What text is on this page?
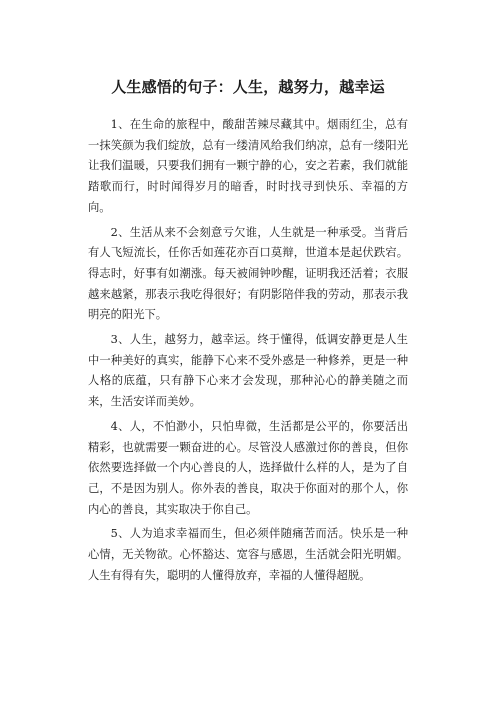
人生感悟的句子：人生，越努力，越幸运

1、在生命的旅程中，酸甜苦辣尽藏其中。烟雨红尘，总有一抹笑颜为我们绽放，总有一缕清风给我们纳凉，总有一缕阳光让我们温暖，只要我们拥有一颗宁静的心，安之若素，我们就能踏歌而行，时时闻得岁月的暗香，时时找寻到快乐、幸福的方向。

2、生活从来不会刻意亏欠谁，人生就是一种承受。当背后有人飞短流长，任你舌如莲花亦百口莫辩，世道本是起伏跌宕。得志时，好事有如潮涨。每天被闹钟吵醒，证明我还活着；衣服越来越紧，那表示我吃得很好；有阴影陪伴我的劳动，那表示我明亮的阳光下。

3、人生，越努力，越幸运。终于懂得，低调安静更是人生中一种美好的真实，能静下心来不受外惑是一种修养，更是一种人格的底蕴，只有静下心来才会发现，那种沁心的静美随之而来，生活安详而美妙。

4、人，不怕渺小，只怕卑微，生活都是公平的，你要活出精彩，也就需要一颗奋进的心。尽管没人感激过你的善良，但你依然要选择做一个内心善良的人，选择做什么样的人，是为了自己，不是因为别人。你外表的善良，取决于你面对的那个人，你内心的善良，其实取决于你自己。

5、人为追求幸福而生，但必须伴随痛苦而活。快乐是一种心情，无关物欲。心怀豁达、宽容与感恩，生活就会阳光明媚。人生有得有失，聪明的人懂得放弃，幸福的人懂得超脱。
